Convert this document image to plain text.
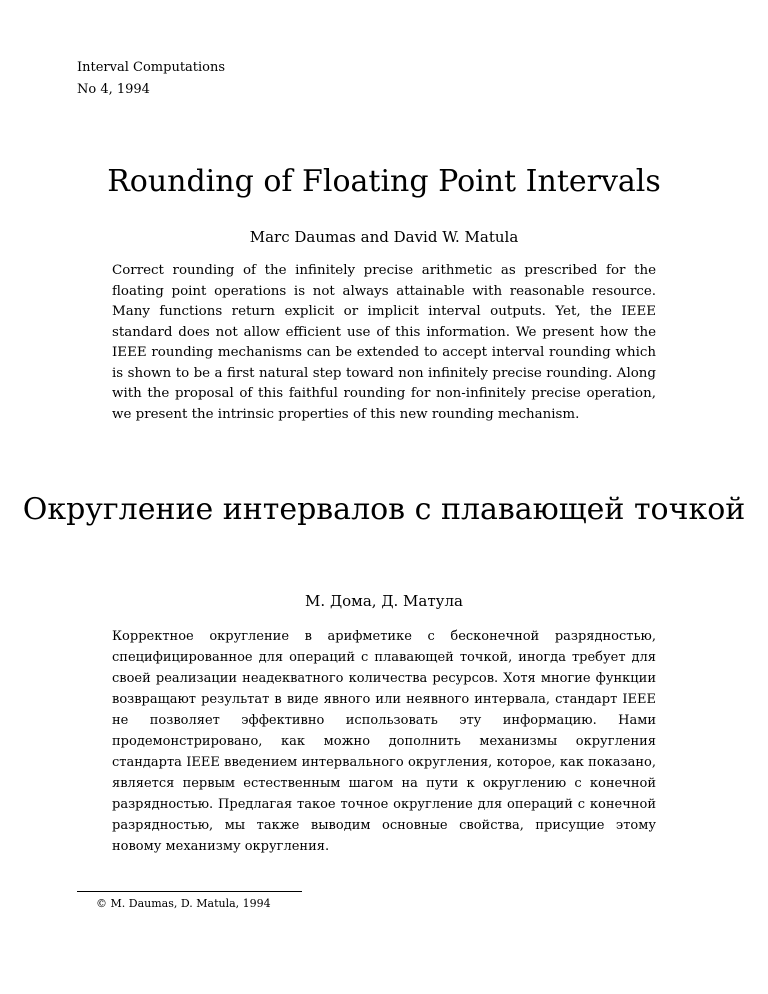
Interval Computations
No 4, 1994
Rounding of Floating Point Intervals

Marc Daumas and David W. Matula

Correct rounding of the infinitely precise arithmetic as prescribed for the floating point operations is not always attainable with reasonable resource. Many functions return explicit or implicit interval outputs. Yet, the IEEE standard does not allow efficient use of this information. We present how the IEEE rounding mechanisms can be extended to accept interval rounding which is shown to be a first natural step toward non infinitely precise rounding. Along with the proposal of this faithful rounding for non-infinitely precise operation, we present the intrinsic properties of this new rounding mechanism.

Округление интервалов с плавающей точкой

М. Дома, Д. Матула

Корректное округление в арифметике с бесконечной разрядностью, специфицированное для операций с плавающей точкой, иногда требует для своей реализации неадекватного количества ресурсов. Хотя многие функции возвращают результат в виде явного или неявного интервала, стандарт IEEE не позволяет эффективно использовать эту информацию. Нами продемонстрировано, как можно дополнить механизмы округления стандарта IEEE введением интервального округления, которое, как показано, является первым естественным шагом на пути к округлению с конечной разрядностью. Предлагая такое точное округление для операций с конечной разрядностью, мы также выводим основные свойства, присущие этому новому механизму округления.

© M. Daumas, D. Matula, 1994
